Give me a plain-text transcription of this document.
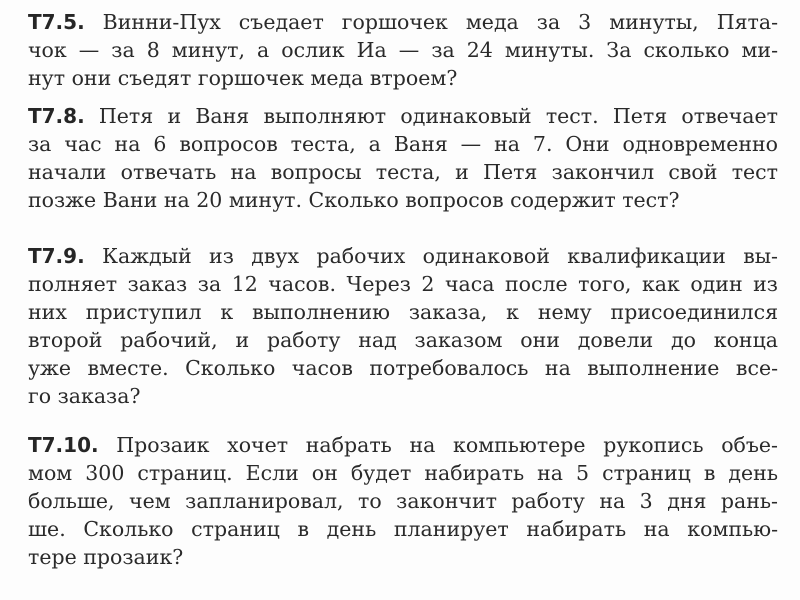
Т7.5. Винни-Пух съедает горшочек меда за 3 минуты, Пята-
чок — за 8 минут, а ослик Иа — за 24 минуты. За сколько ми-
нут они съедят горшочек меда втроем?
Т7.8. Петя и Ваня выполняют одинаковый тест. Петя отвечает
за час на 6 вопросов теста, а Ваня — на 7. Они одновременно
начали отвечать на вопросы теста, и Петя закончил свой тест
позже Вани на 20 минут. Сколько вопросов содержит тест?
Т7.9. Каждый из двух рабочих одинаковой квалификации вы-
полняет заказ за 12 часов. Через 2 часа после того, как один из
них приступил к выполнению заказа, к нему присоединился
второй рабочий, и работу над заказом они довели до конца
уже вместе. Сколько часов потребовалось на выполнение все-
го заказа?
Т7.10. Прозаик хочет набрать на компьютере рукопись объе-
мом 300 страниц. Если он будет набирать на 5 страниц в день
больше, чем запланировал, то закончит работу на 3 дня рань-
ше. Сколько страниц в день планирует набирать на компью-
тере прозаик?
